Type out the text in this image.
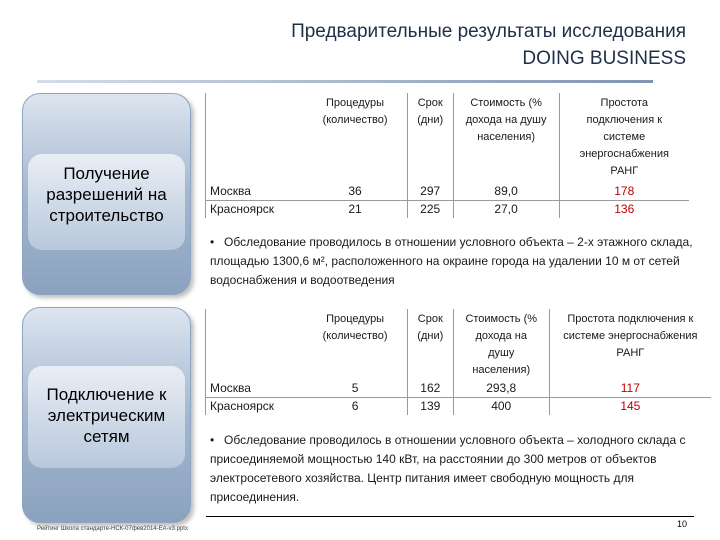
Предварительные результаты исследования
DOING BUSINESS
Получение разрешений на строительство
	Процедуры (количество)	Срок (дни)	Стоимость (% дохода на душу населения)	Простота подключения к системе энергоснабжения РАНГ
Москва	36	297	89,0	178
Красноярск	21	225	27,0	136
• Обследование проводилось в отношении условного объекта – 2-х этажного склада, площадью 1300,6 м², расположенного на окраине города на удалении 10 м от сетей водоснабжения и водоотведения
Подключение к электрическим сетям
	Процедуры (количество)	Срок (дни)	Стоимость (% дохода на душу населения)	Простота подключения к системе энергоснабжения РАНГ
Москва	5	162	293,8	117
Красноярск	6	139	400	145
• Обследование проводилось в отношении условного объекта – холодного склада с присоединяемой мощностью 140 кВт, на расстоянии до 300 метров от объектов электросетевого хозяйства. Центр питания имеет свободную мощность для присоединения.
Рейтинг Школа стандарте-НСК-07фев2014-ЕА-v3.pptx	10
